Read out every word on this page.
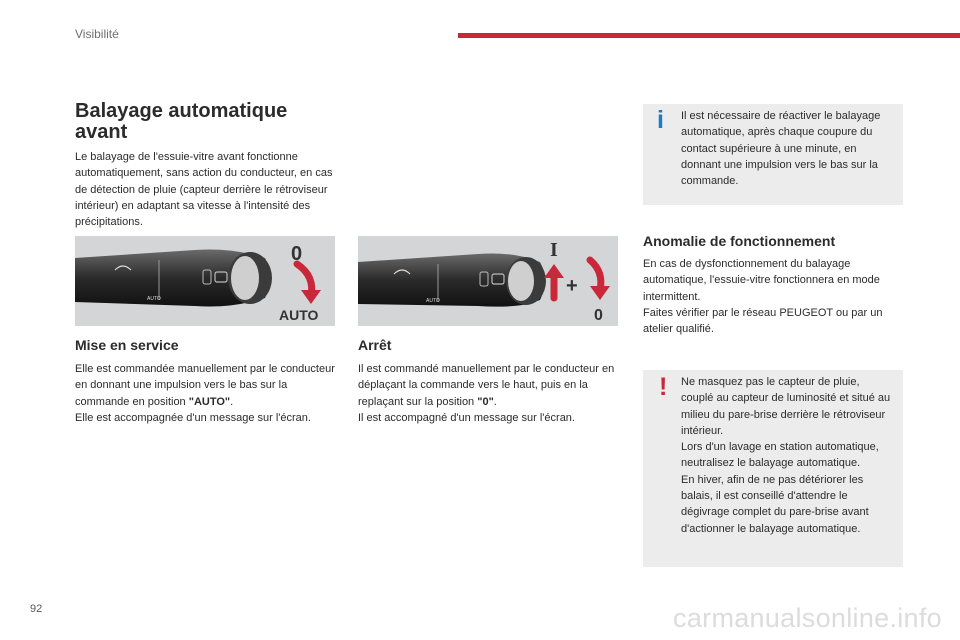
Visibilité
Balayage automatique avant
Le balayage de l'essuie-vitre avant fonctionne automatiquement, sans action du conducteur, en cas de détection de pluie (capteur derrière le rétroviseur intérieur) en adaptant sa vitesse à l'intensité des précipitations.
AUTO
0
AUTO
AUTO
I
+
0
Mise en service

Elle est commandée manuellement par le conducteur en donnant une impulsion vers le bas sur la commande en position "AUTO".

Elle est accompagnée d'un message sur l'écran.

Arrêt

Il est commandé manuellement par le conducteur en déplaçant la commande vers le haut, puis en la replaçant sur la position "0".

Il est accompagné d'un message sur l'écran.

i Il est nécessaire de réactiver le balayage automatique, après chaque coupure du contact supérieure à une minute, en donnant une impulsion vers le bas sur la commande.

Anomalie de fonctionnement

En cas de dysfonctionnement du balayage automatique, l'essuie-vitre fonctionnera en mode intermittent.

Faites vérifier par le réseau PEUGEOT ou par un atelier qualifié.

! Ne masquez pas le capteur de pluie, couplé au capteur de luminosité et situé au milieu du pare-brise derrière le rétroviseur intérieur.

Lors d'un lavage en station automatique, neutralisez le balayage automatique.

En hiver, afin de ne pas détériorer les balais, il est conseillé d'attendre le dégivrage complet du pare-brise avant d'actionner le balayage automatique.

92	carmanualsonline.info
